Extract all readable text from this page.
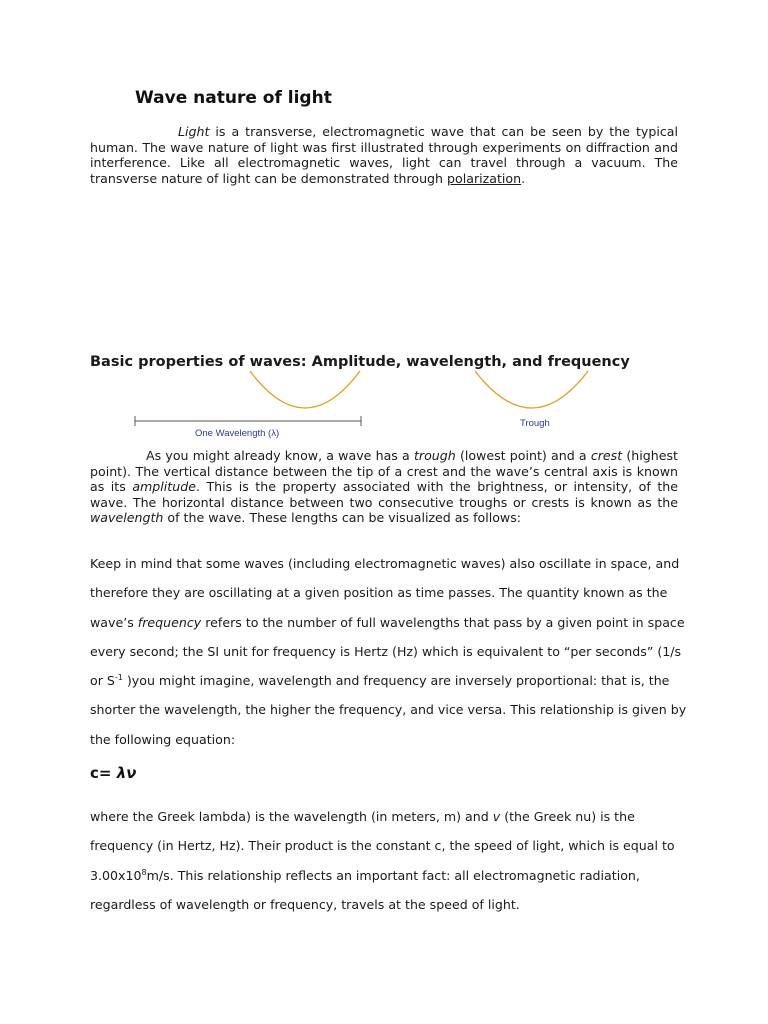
Wave nature of light
Light is a transverse, electromagnetic wave that can be seen by the typical human. The wave nature of light was first illustrated through experiments on diffraction and interference. Like all electromagnetic waves, light can travel through a vacuum. The transverse nature of light can be demonstrated through polarization.
Basic properties of waves: Amplitude, wavelength, and frequency
One Wavelength (λ)
Trough
As you might already know, a wave has a trough (lowest point) and a crest (highest point). The vertical distance between the tip of a crest and the wave’s central axis is known as its amplitude. This is the property associated with the brightness, or intensity, of the wave. The horizontal distance between two consecutive troughs or crests is known as the wavelength of the wave. These lengths can be visualized as follows:
Keep in mind that some waves (including electromagnetic waves) also oscillate in space, and therefore they are oscillating at a given position as time passes. The quantity known as the wave’s frequency refers to the number of full wavelengths that pass by a given point in space every second; the SI unit for frequency is Hertz (Hz) which is equivalent to “per seconds” (1/s or $S^{-1}$ )you might imagine, wavelength and frequency are inversely proportional: that is, the shorter the wavelength, the higher the frequency, and vice versa. This relationship is given by the following equation:
c= λν
where the Greek lambda) is the wavelength (in meters, m) and v (the Greek nu) is the frequency (in Hertz, Hz). Their product is the constant c, the speed of light, which is equal to $3.00x10^8m/s$. This relationship reflects an important fact: all electromagnetic radiation, regardless of wavelength or frequency, travels at the speed of light.
